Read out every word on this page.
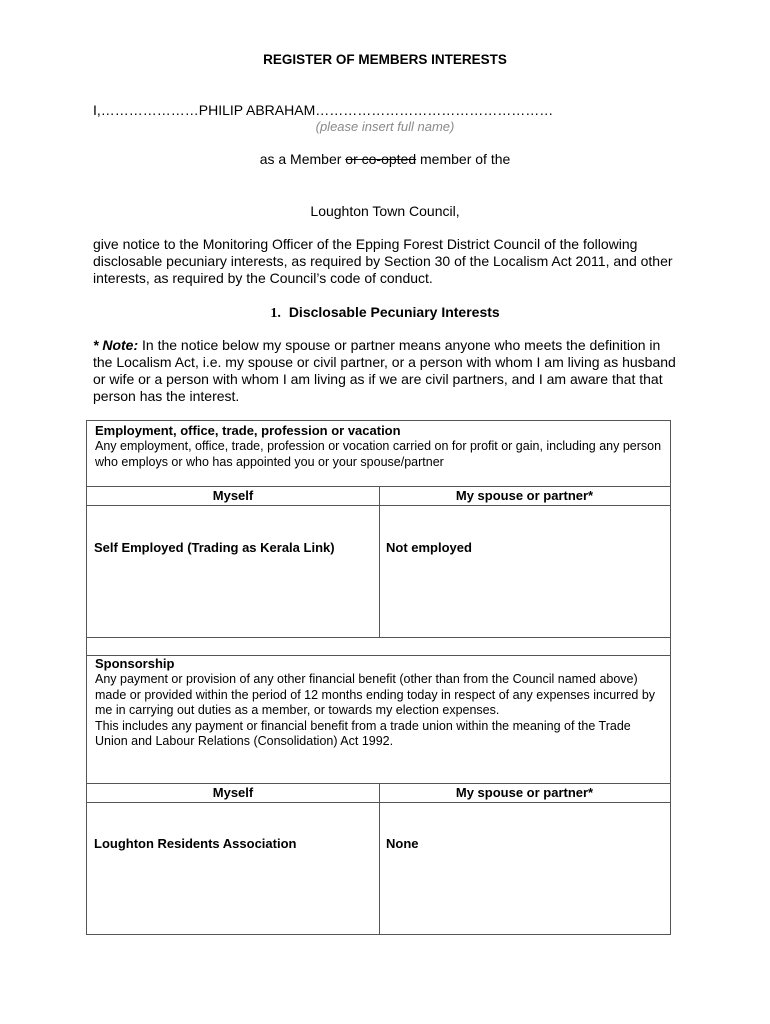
REGISTER OF MEMBERS INTERESTS
I,…………………PHILIP ABRAHAM……………………………………………
(please insert full name)
as a Member or co-opted member of the
Loughton Town Council,
give notice to the Monitoring Officer of the Epping Forest District Council of the following disclosable pecuniary interests, as required by Section 30 of the Localism Act 2011, and other interests, as required by the Council’s code of conduct.
1. Disclosable Pecuniary Interests
* Note: In the notice below my spouse or partner means anyone who meets the definition in the Localism Act, i.e. my spouse or civil partner, or a person with whom I am living as husband or wife or a person with whom I am living as if we are civil partners, and I am aware that that person has the interest.
Employment, office, trade, profession or vacation
Any employment, office, trade, profession or vocation carried on for profit or gain, including any person who employs or who has appointed you or your spouse/partner
Myself	My spouse or partner*
Self Employed (Trading as Kerala Link)	Not employed
Sponsorship
Any payment or provision of any other financial benefit (other than from the Council named above) made or provided within the period of 12 months ending today in respect of any expenses incurred by me in carrying out duties as a member, or towards my election expenses.
This includes any payment or financial benefit from a trade union within the meaning of the Trade Union and Labour Relations (Consolidation) Act 1992.
Myself	My spouse or partner*
Loughton Residents Association	None
